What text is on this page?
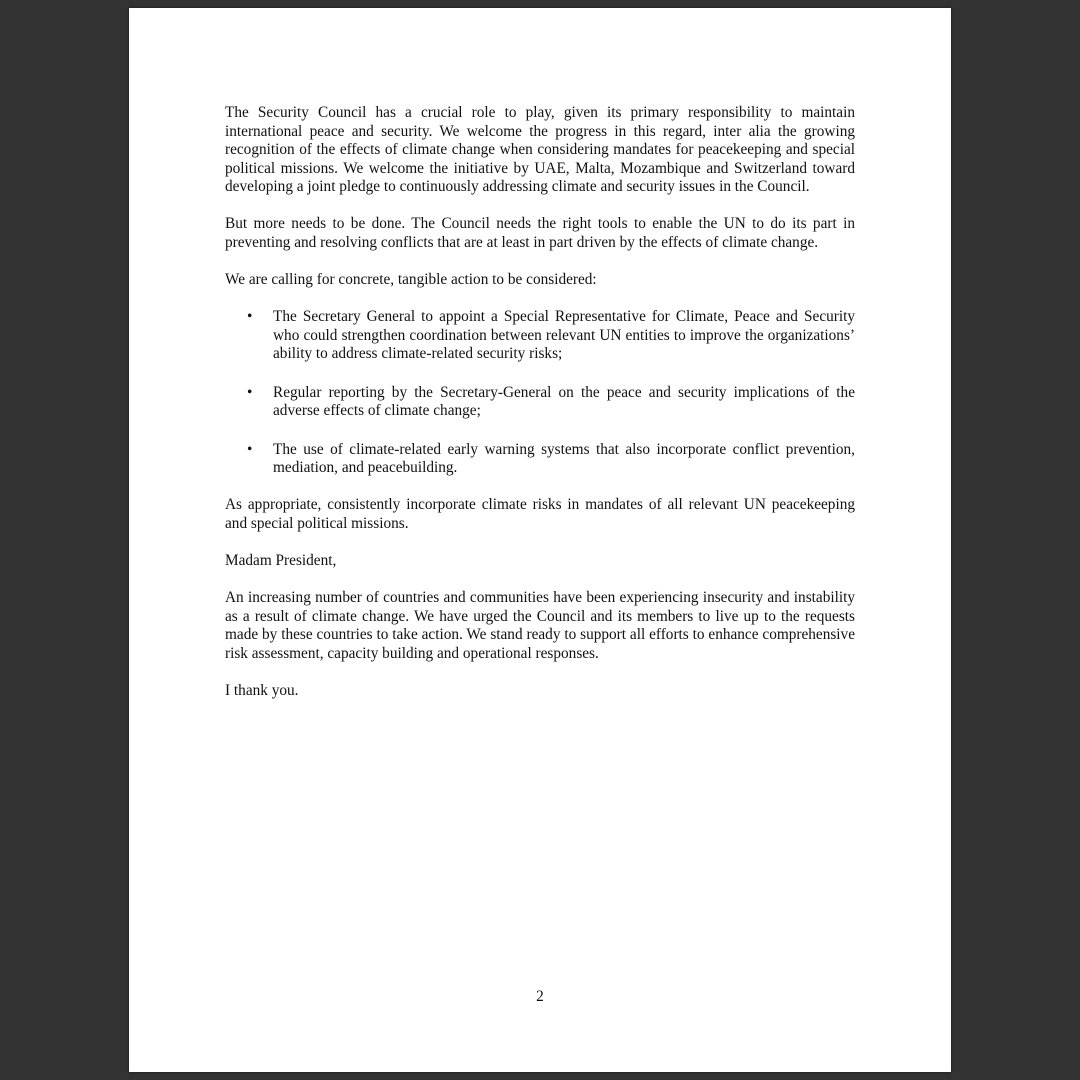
The Security Council has a crucial role to play, given its primary responsibility to maintain international peace and security. We welcome the progress in this regard, inter alia the growing recognition of the effects of climate change when considering mandates for peacekeeping and special political missions. We welcome the initiative by UAE, Malta, Mozambique and Switzerland toward developing a joint pledge to continuously addressing climate and security issues in the Council.

But more needs to be done. The Council needs the right tools to enable the UN to do its part in preventing and resolving conflicts that are at least in part driven by the effects of climate change.

We are calling for concrete, tangible action to be considered:

• The Secretary General to appoint a Special Representative for Climate, Peace and Security who could strengthen coordination between relevant UN entities to improve the organizations’ ability to address climate-related security risks;
• Regular reporting by the Secretary-General on the peace and security implications of the adverse effects of climate change;
• The use of climate-related early warning systems that also incorporate conflict prevention, mediation, and peacebuilding.

As appropriate, consistently incorporate climate risks in mandates of all relevant UN peacekeeping and special political missions.

Madam President,

An increasing number of countries and communities have been experiencing insecurity and instability as a result of climate change. We have urged the Council and its members to live up to the requests made by these countries to take action. We stand ready to support all efforts to enhance comprehensive risk assessment, capacity building and operational responses.

I thank you.

2
